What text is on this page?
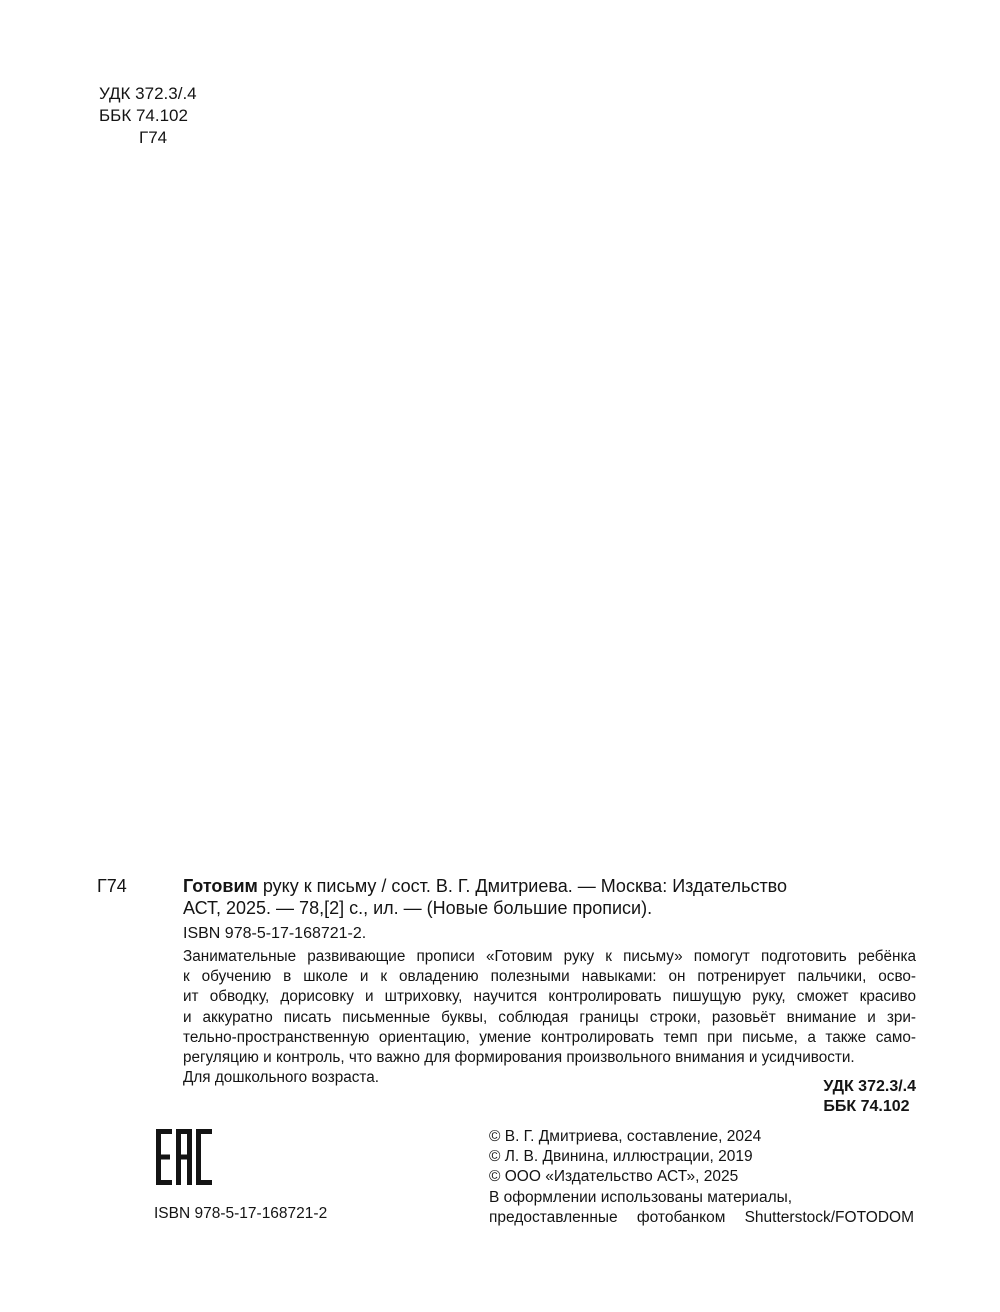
УДК 372.3/.4
ББК 74.102
Г74
Г74	Готовим руку к письму / сост. В. Г. Дмитриева. — Москва: Издательство
АСТ, 2025. — 78,[2] с., ил. — (Новые большие прописи).
ISBN 978-5-17-168721-2.

Занимательные развивающие прописи «Готовим руку к письму» помогут подготовить ребёнка

к обучению в школе и к овладению полезными навыками: он потренирует пальчики, осво-

ит обводку, дорисовку и штриховку, научится контролировать пишущую руку, сможет красиво

и аккуратно писать письменные буквы, соблюдая границы строки, разовьёт внимание и зри-

тельно-пространственную ориентацию, умение контролировать темп при письме, а также само-

регуляцию и контроль, что важно для формирования произвольного внимания и усидчивости.

Для дошкольного возраста.

УДК 372.3/.4
ББК 74.102
ISBN 978-5-17-168721-2

© В. Г. Дмитриева, составление, 2024

© Л. В. Двинина, иллюстрации, 2019

© ООО «Издательство АСТ», 2025

В оформлении использованы материалы,

предоставленные фотобанком Shutterstock/FOTODOM
